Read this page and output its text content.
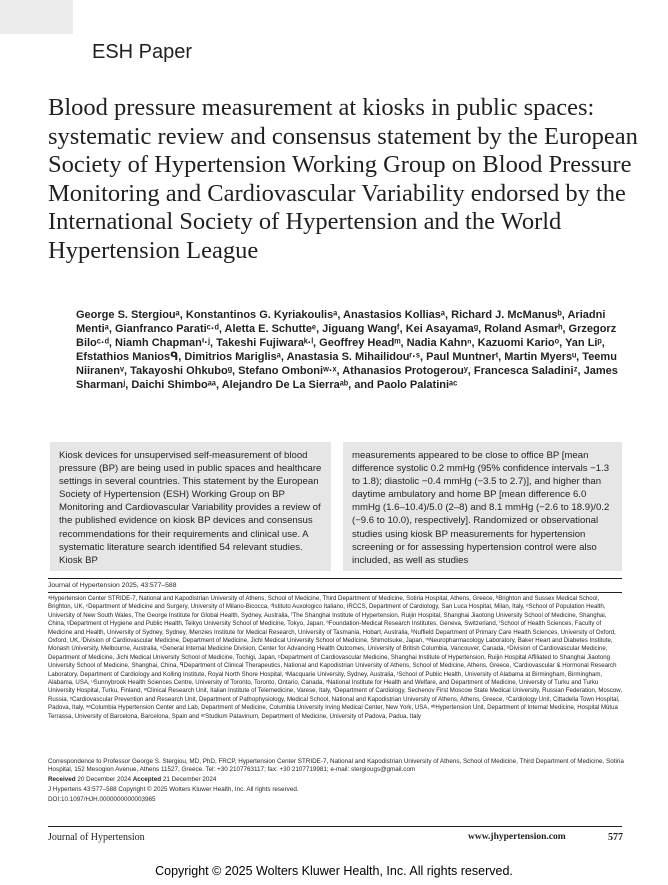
ESH Paper
Blood pressure measurement at kiosks in public spaces: systematic review and consensus statement by the European Society of Hypertension Working Group on Blood Pressure Monitoring and Cardiovascular Variability endorsed by the International Society of Hypertension and the World Hypertension League
George S. Stergiouᵃ, Konstantinos G. Kyriakoulisᵃ, Anastasios Kolliasᵃ, Richard J. McManusᵇ, Ariadni Mentiᵃ, Gianfranco Paratiᶜ·ᵈ, Aletta E. Schutteᵉ, Jiguang Wangᶠ, Kei Asayamaᵍ, Roland Asmarʰ, Grzegorz Biloᶜ·ᵈ, Niamh Chapmanⁱ·ʲ, Takeshi Fujiwaraᵏ·ˡ, Geoffrey Headᵐ, Nadia Kahnⁿ, Kazuomi Karioᵒ, Yan Liᵖ, Efstathios Maniosᑫ, Dimitrios Mariglisᵃ, Anastasia S. Mihailidouʳ·ˢ, Paul Muntnerᵗ, Martin Myersᵘ, Teemu Niiranenᵛ, Takayoshi Ohkuboᵍ, Stefano Omboniʷ·ˣ, Athanasios Protogerouʸ, Francesca Saladiniᶻ, James Sharmanʲ, Daichi Shimboᵃᵃ, Alejandro De La Sierraᵃᵇ, and Paolo Palatiniᵃᶜ

Kiosk devices for unsupervised self-measurement of blood pressure (BP) are being used in public spaces and healthcare settings in several countries. This statement by the European Society of Hypertension (ESH) Working Group on BP Monitoring and Cardiovascular Variability provides a review of the published evidence on kiosk BP devices and consensus recommendations for their requirements and clinical use. A systematic literature search identified 54 relevant studies. Kiosk BP

measurements appeared to be close to office BP [mean difference systolic 0.2 mmHg (95% confidence intervals −1.3 to 1.8); diastolic −0.4 mmHg (−3.5 to 2.7)], and higher than daytime ambulatory and home BP [mean difference 6.0 mmHg (1.6–10.4)/5.0 (2–8) and 8.1 mmHg (−2.6 to 18.9)/0.2 (−9.6 to 10.0), respectively]. Randomized or observational studies using kiosk BP measurements for hypertension screening or for assessing hypertension control were also included, as well as studies

Journal of Hypertension 2025, 43:577–588

ᵃHypertension Center STRIDE-7, National and Kapodistrian University of Athens, School of Medicine, Third Department of Medicine, Sotiria Hospital, Athens, Greece, ᵇBrighton and Sussex Medical School, Brighton, UK, ᶜDepartment of Medicine and Surgery, University of Milano-Bicocca, ᵈIstituto Auxologico Italiano, IRCCS, Department of Cardiology, San Luca Hospital, Milan, Italy, ᵉSchool of Population Health, University of New South Wales, The George Institute for Global Health, Sydney, Australia, ᶠThe Shanghai Institute of Hypertension, Ruijin Hospital, Shanghai Jiaotong University School of Medicine, Shanghai, China, ᵍDepartment of Hygiene and Public Health, Teikyo University School of Medicine, Tokyo, Japan, ʰFoundation-Medical Research Institutes, Geneva, Switzerland, ⁱSchool of Health Sciences, Faculty of Medicine and Health, University of Sydney, Sydney, ʲMenzies Institute for Medical Research, University of Tasmania, Hobart, Australia, ᵏNuffield Department of Primary Care Health Sciences, University of Oxford, Oxford, UK, ˡDivision of Cardiovascular Medicine, Department of Medicine, Jichi Medical University School of Medicine, Shimotsuke, Japan, ᵐNeuropharmacology Laboratory, Baker Heart and Diabetes Institute, Monash University, Melbourne, Australia, ⁿGeneral Internal Medicine Division, Center for Advancing Health Outcomes, University of British Columbia, Vancouver, Canada, ᵒDivision of Cardiovascular Medicine, Department of Medicine, Jichi Medical University School of Medicine, Tochigi, Japan, ᵖDepartment of Cardiovascular Medicine, Shanghai Institute of Hypertension, Ruijin Hospital Affiliated to Shanghai Jiaotong University School of Medicine, Shanghai, China, ᑫDepartment of Clinical Therapeutics, National and Kapodistrian University of Athens, School of Medicine, Athens, Greece, ʳCardiovascular & Hormonal Research Laboratory, Department of Cardiology and Kolling Institute, Royal North Shore Hospital, ˢMacquarie University, Sydney, Australia, ᵗSchool of Public Health, University of Alabama at Birmingham, Birmingham, Alabama, USA, ᵘSunnybrook Health Sciences Centre, University of Toronto, Toronto, Ontario, Canada, ᵛNational Institute for Health and Welfare, and Department of Medicine, University of Turku and Turku University Hospital, Turku, Finland, ʷClinical Research Unit, Italian Institute of Telemedicine, Varese, Italy, ˣDepartment of Cardiology, Sechenov First Moscow State Medical University, Russian Federation, Moscow, Russia, ʸCardiovascular Prevention and Research Unit, Department of Pathophysiology, Medical School, National and Kapodistrian University of Athens, Athens, Greece, ᶻCardiology Unit, Cittadella Town Hospital, Padova, Italy, ᵃᵃColumbia Hypertension Center and Lab, Department of Medicine, Columbia University Irving Medical Center, New York, USA, ᵃᵇHypertension Unit, Department of Internal Medicine, Hospital Mútua Terrassa, University of Barcelona, Barcelona, Spain and ᵃᶜStudium Patavinum, Department of Medicine, University of Padova, Padua, Italy

Correspondence to Professor George S. Stergiou, MD, PhD, FRCP, Hypertension Center STRIDE-7, National and Kapodistrian University of Athens, School of Medicine, Third Department of Medicine, Sotiria Hospital, 152 Mesogion Avenue, Athens 11527, Greece. Tel: +30 2107763117; fax: +30 2107719981; e-mail: stergiougs@gmail.com
Received 20 December 2024 Accepted 21 December 2024
J Hypertens 43:577–588 Copyright © 2025 Wolters Kluwer Health, Inc. All rights reserved.
DOI:10.1097/HJH.0000000000003965
Journal of Hypertension	www.jhypertension.com	577
Copyright © 2025 Wolters Kluwer Health, Inc. All rights reserved.
